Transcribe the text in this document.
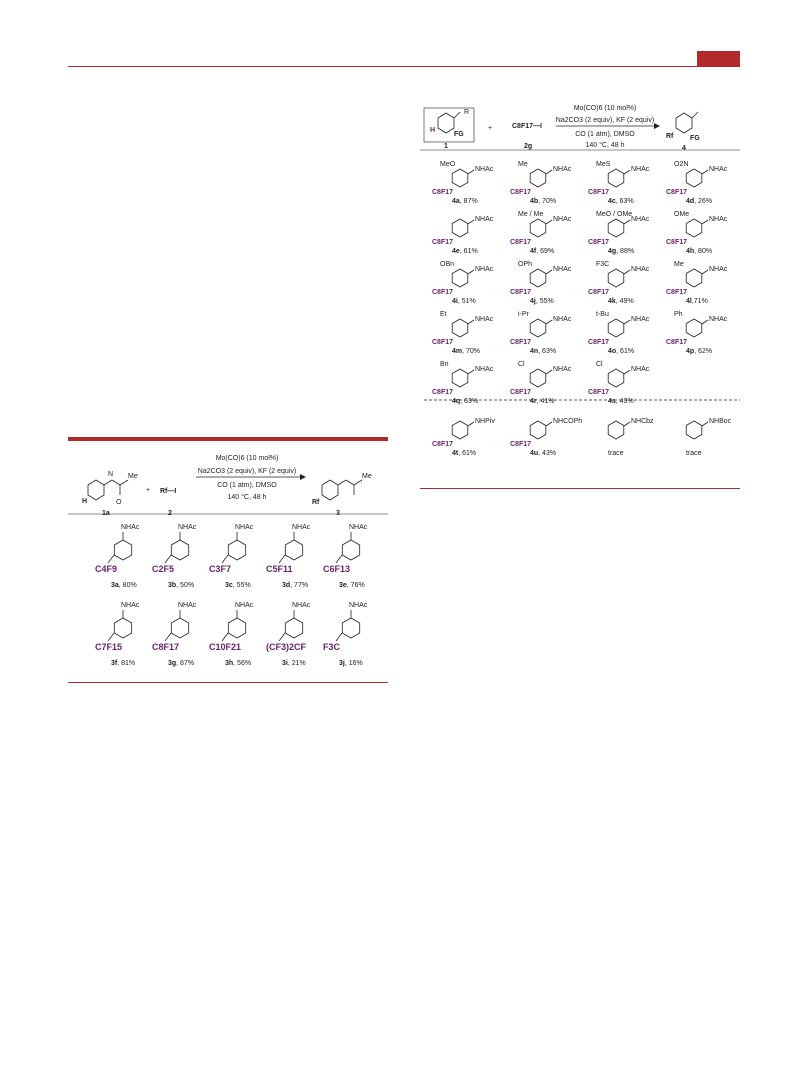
H
N Me
O
1a
+ Rf—I
2
Mo(CO)6 (10 mol%)
Na2CO3 (2 equiv), KF (2 equiv)
CO (1 atm), DMSO
140 °C, 48 h
Rf
Me
3
NHAc
C4F9
3a, 80%
NHAc
C2F5
3b, 50%
NHAc
C3F7
3c, 55%
NHAc
C5F11
3d, 77%
NHAc
C6F13
3e, 76%
NHAc
C7F15
3f, 81%
NHAc
C8F17
3g, 87%
NHAc
C10F21
3h, 56%
NHAc
(CF3)2CF
3i, 21%
NHAc
F3C
3j, 16%
H
FG
R
1
+	C8F17—I
2g
Mo(CO)6 (10 mol%)
Na2CO3 (2 equiv), KF (2 equiv)
CO (1 atm), DMSO
140 °C, 48 h
Rf FG
4
NHAc
MeO
C8F17
4a, 87%
NHAc
Me
C8F17
4b, 70%
NHAc
MeS
C8F17
4c, 63%
NHAc
O2N
C8F17
4d, 26%
NHAc
C8F17
4e, 61%
NHAc
Me / Me
C8F17
4f, 69%
NHAc
MeO / OMe
C8F17
4g, 88%
NHAc
OMe
C8F17
4h, 80%
NHAc
OBn
C8F17
4i, 51%
NHAc
OPh
C8F17
4j, 55%
NHAc
F3C
C8F17
4k, 49%
NHAc
Me
C8F17
4l,71%
NHAc
Et
C8F17
4m, 70%
NHAc
i-Pr
C8F17
4n, 63%
NHAc
t-Bu
C8F17
4o, 61%
NHAc
Ph
C8F17
4p, 62%
NHAc
Bn
C8F17
4q, 63%
NHAc
Cl
C8F17
4r, 41%
NHAc
Cl
C8F17
4s, 43%
NHPiv
C8F17
4t, 61%
NHCOPh
C8F17
4u, 43%
NHCbz
trace
NHBoc
trace
